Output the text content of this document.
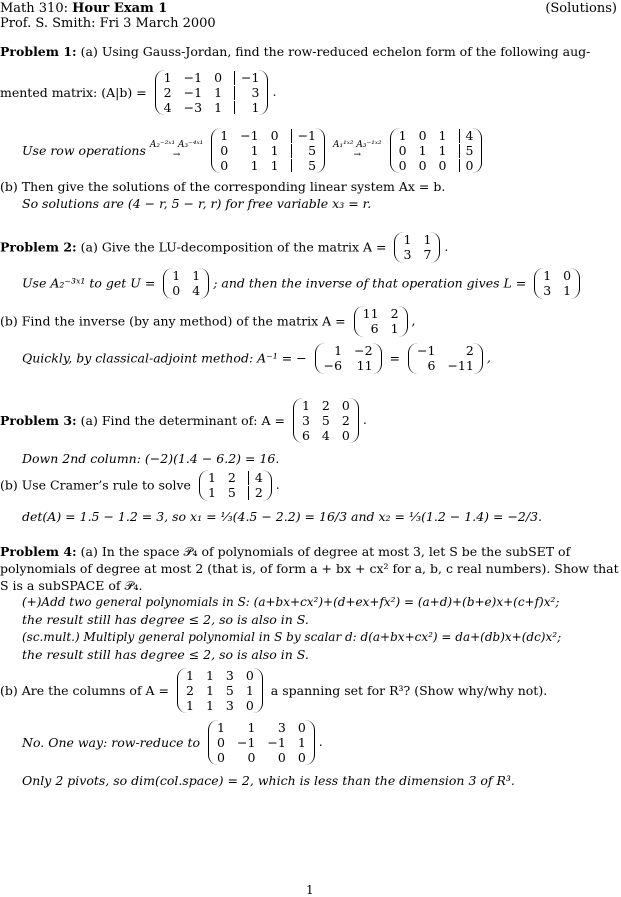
Math 310: Hour Exam 1	(Solutions)
Prof. S. Smith: Fri 3 March 2000
Problem 1: (a) Using Gauss-Jordan, find the row-reduced echelon form of the following aug-
mented matrix: (A|b) =
1 −1 0	−1
2 −1 1	3
4 −3 1	1
.
Use row operations A₂⁻²ˣ¹ A₃⁻⁴ˣ¹
→
1 −1 0	−1
0	1 1	5
0	1 1	5
A₁¹ˣ² A₃⁻¹ˣ²
→
1 0 1	4
0 1 1	5
0 0 0	0
(b) Then give the solutions of the corresponding linear system Ax = b.
So solutions are (4 − r, 5 − r, r) for free variable x₃ = r.
Problem 2: (a) Give the LU-decomposition of the matrix A = 1 1
3 7
.
Use A₂⁻³ˣ¹ to get U = 1 1
0 4 ; and then the inverse of that operation gives L = 1 0
3 1
(b) Find the inverse (by any method) of the matrix A = 11 2
6 1
,
Quickly, by classical-adjoint method: A⁻¹ = −	1 −2
−6 11 = −1	2
6 −11
,
Problem 3: (a) Find the determinant of: A =
1 2 0
3 5 2
6 4 0
.
Down 2nd column: (−2)(1.4 − 6.2) = 16.
(b) Use Cramer’s rule to solve 1 2	4
1 5	2
.
det(A) = 1.5 − 1.2 = 3, so x₁ = ⅓(4.5 − 2.2) = 16/3 and x₂ = ⅓(1.2 − 1.4) = −2/3.
Problem 4: (a) In the space 𝒫₄ of polynomials of degree at most 3, let S be the subSET of
polynomials of degree at most 2 (that is, of form a + bx + cx² for a, b, c real numbers). Show that
S is a subSPACE of 𝒫₄.
(+)Add two general polynomials in S: (a+bx+cx²)+(d+ex+fx²) = (a+d)+(b+e)x+(c+f)x²;
the result still has degree ≤ 2, so is also in S.
(sc.mult.) Multiply general polynomial in S by scalar d: d(a+bx+cx²) = da+(db)x+(dc)x²;
the result still has degree ≤ 2, so is also in S.
(b) Are the columns of A =
1 1 3 0
2 1 5 1
1 1 3 0
a spanning set for R³? (Show why/why not).
No. One way: row-reduce to
1	1	3 0
0 −1 −1 1
0	0	0 0
.
Only 2 pivots, so dim(col.space) = 2, which is less than the dimension 3 of R³.
1
